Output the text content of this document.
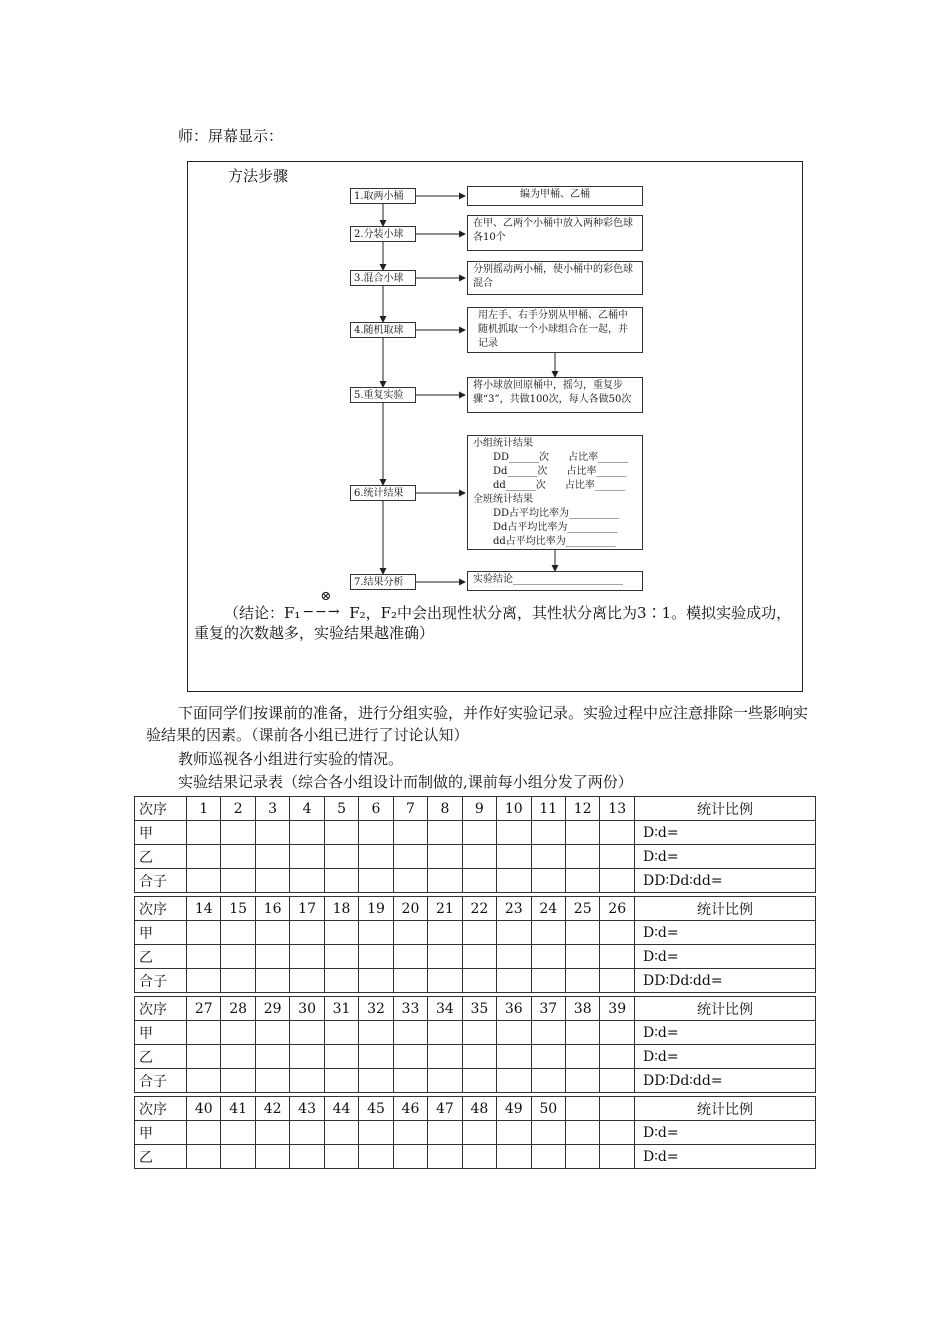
师：屏幕显示：
方法步骤
1.取两小桶
2.分装小球
3.混合小球
4.随机取球
5.重复实验
6.统计结果
7.结果分析
编为甲桶、乙桶
在甲、乙两个小桶中放入两种彩色球各10个
分别摇动两小桶，使小桶中的彩色球混合
用左手、右手分别从甲桶、乙桶中随机抓取一个小球组合在一起，并记录
将小球放回原桶中，摇匀，重复步骤“3”，共做100次，每人各做50次
小组统计结果
DD______次      占比率______
Dd______次      占比率______
dd______次      占比率______
全班统计结果
DD占平均比率为__________
Dd占平均比率为__________
dd占平均比率为__________
实验结论______________________
（结论：F₁
⊗
−−→ F₂，F₂中会出现性状分离，其性状分离比为3∶1。模拟实验成功，重复的次数越多，实验结果越准确）
下面同学们按课前的准备，进行分组实验，并作好实验记录。实验过程中应注意排除一些影响实验结果的因素。（课前各小组已进行了讨论认知）
教师巡视各小组进行实验的情况。
实验结果记录表（综合各小组设计而制做的,课前每小组分发了两份）
次序	1	2	3	4	5	6	7	8	9	10	11	12	13	统计比例
甲														D∶d=
乙														D∶d=
合子														DD∶Dd∶dd=

次序	14	15	16	17	18	19	20	21	22	23	24	25	26	统计比例
甲														D∶d=
乙														D∶d=
合子														DD∶Dd∶dd=

次序	27	28	29	30	31	32	33	34	35	36	37	38	39	统计比例
甲														D∶d=
乙														D∶d=
合子														DD∶Dd∶dd=

次序	40	41	42	43	44	45	46	47	48	49	50			统计比例
甲														D∶d=
乙														D∶d=
